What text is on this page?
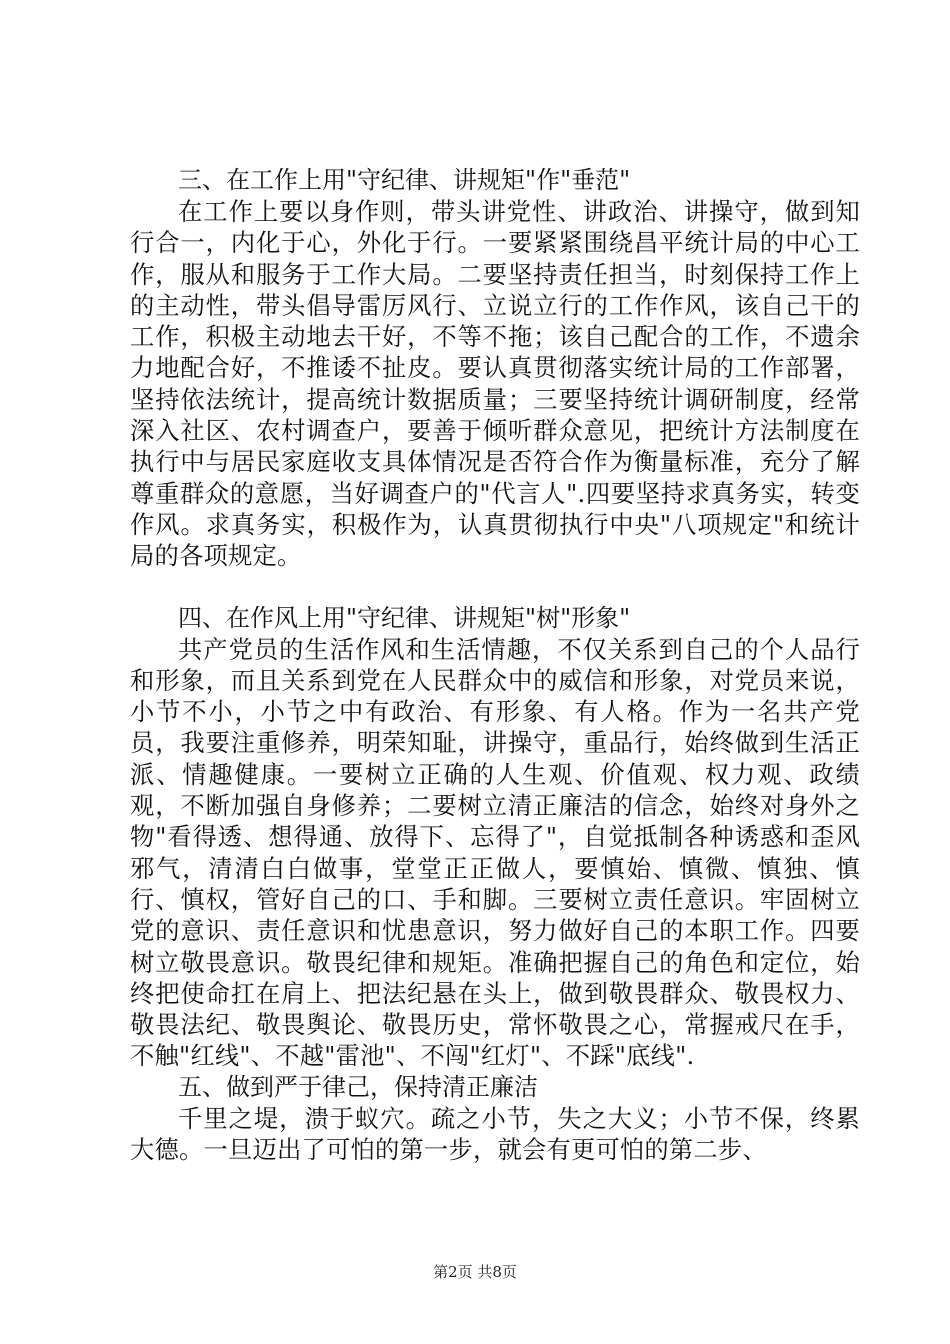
三、在工作上用"守纪律、讲规矩"作"垂范"

在工作上要以身作则，带头讲党性、讲政治、讲操守，做到知行合一，内化于心，外化于行。一要紧紧围绕昌平统计局的中心工作，服从和服务于工作大局。二要坚持责任担当，时刻保持工作上的主动性，带头倡导雷厉风行、立说立行的工作作风，该自己干的工作，积极主动地去干好，不等不拖；该自己配合的工作，不遗余力地配合好，不推诿不扯皮。要认真贯彻落实统计局的工作部署，坚持依法统计，提高统计数据质量；三要坚持统计调研制度，经常深入社区、农村调查户，要善于倾听群众意见，把统计方法制度在执行中与居民家庭收支具体情况是否符合作为衡量标准，充分了解尊重群众的意愿，当好调查户的"代言人".四要坚持求真务实，转变作风。求真务实，积极作为，认真贯彻执行中央"八项规定"和统计局的各项规定。

四、在作风上用"守纪律、讲规矩"树"形象"

共产党员的生活作风和生活情趣，不仅关系到自己的个人品行和形象，而且关系到党在人民群众中的威信和形象，对党员来说，小节不小，小节之中有政治、有形象、有人格。作为一名共产党员，我要注重修养，明荣知耻，讲操守，重品行，始终做到生活正派、情趣健康。一要树立正确的人生观、价值观、权力观、政绩观，不断加强自身修养；二要树立清正廉洁的信念，始终对身外之物"看得透、想得通、放得下、忘得了"，自觉抵制各种诱惑和歪风邪气，清清白白做事，堂堂正正做人，要慎始、慎微、慎独、慎行、慎权，管好自己的口、手和脚。三要树立责任意识。牢固树立党的意识、责任意识和忧患意识，努力做好自己的本职工作。四要树立敬畏意识。敬畏纪律和规矩。准确把握自己的角色和定位，始终把使命扛在肩上、把法纪悬在头上，做到敬畏群众、敬畏权力、敬畏法纪、敬畏舆论、敬畏历史，常怀敬畏之心，常握戒尺在手，不触"红线"、不越"雷池"、不闯"红灯"、不踩"底线".

五、做到严于律己，保持清正廉洁

千里之堤，溃于蚁穴。疏之小节，失之大义；小节不保，终累大德。一旦迈出了可怕的第一步，就会有更可怕的第二步、

第2页 共8页
